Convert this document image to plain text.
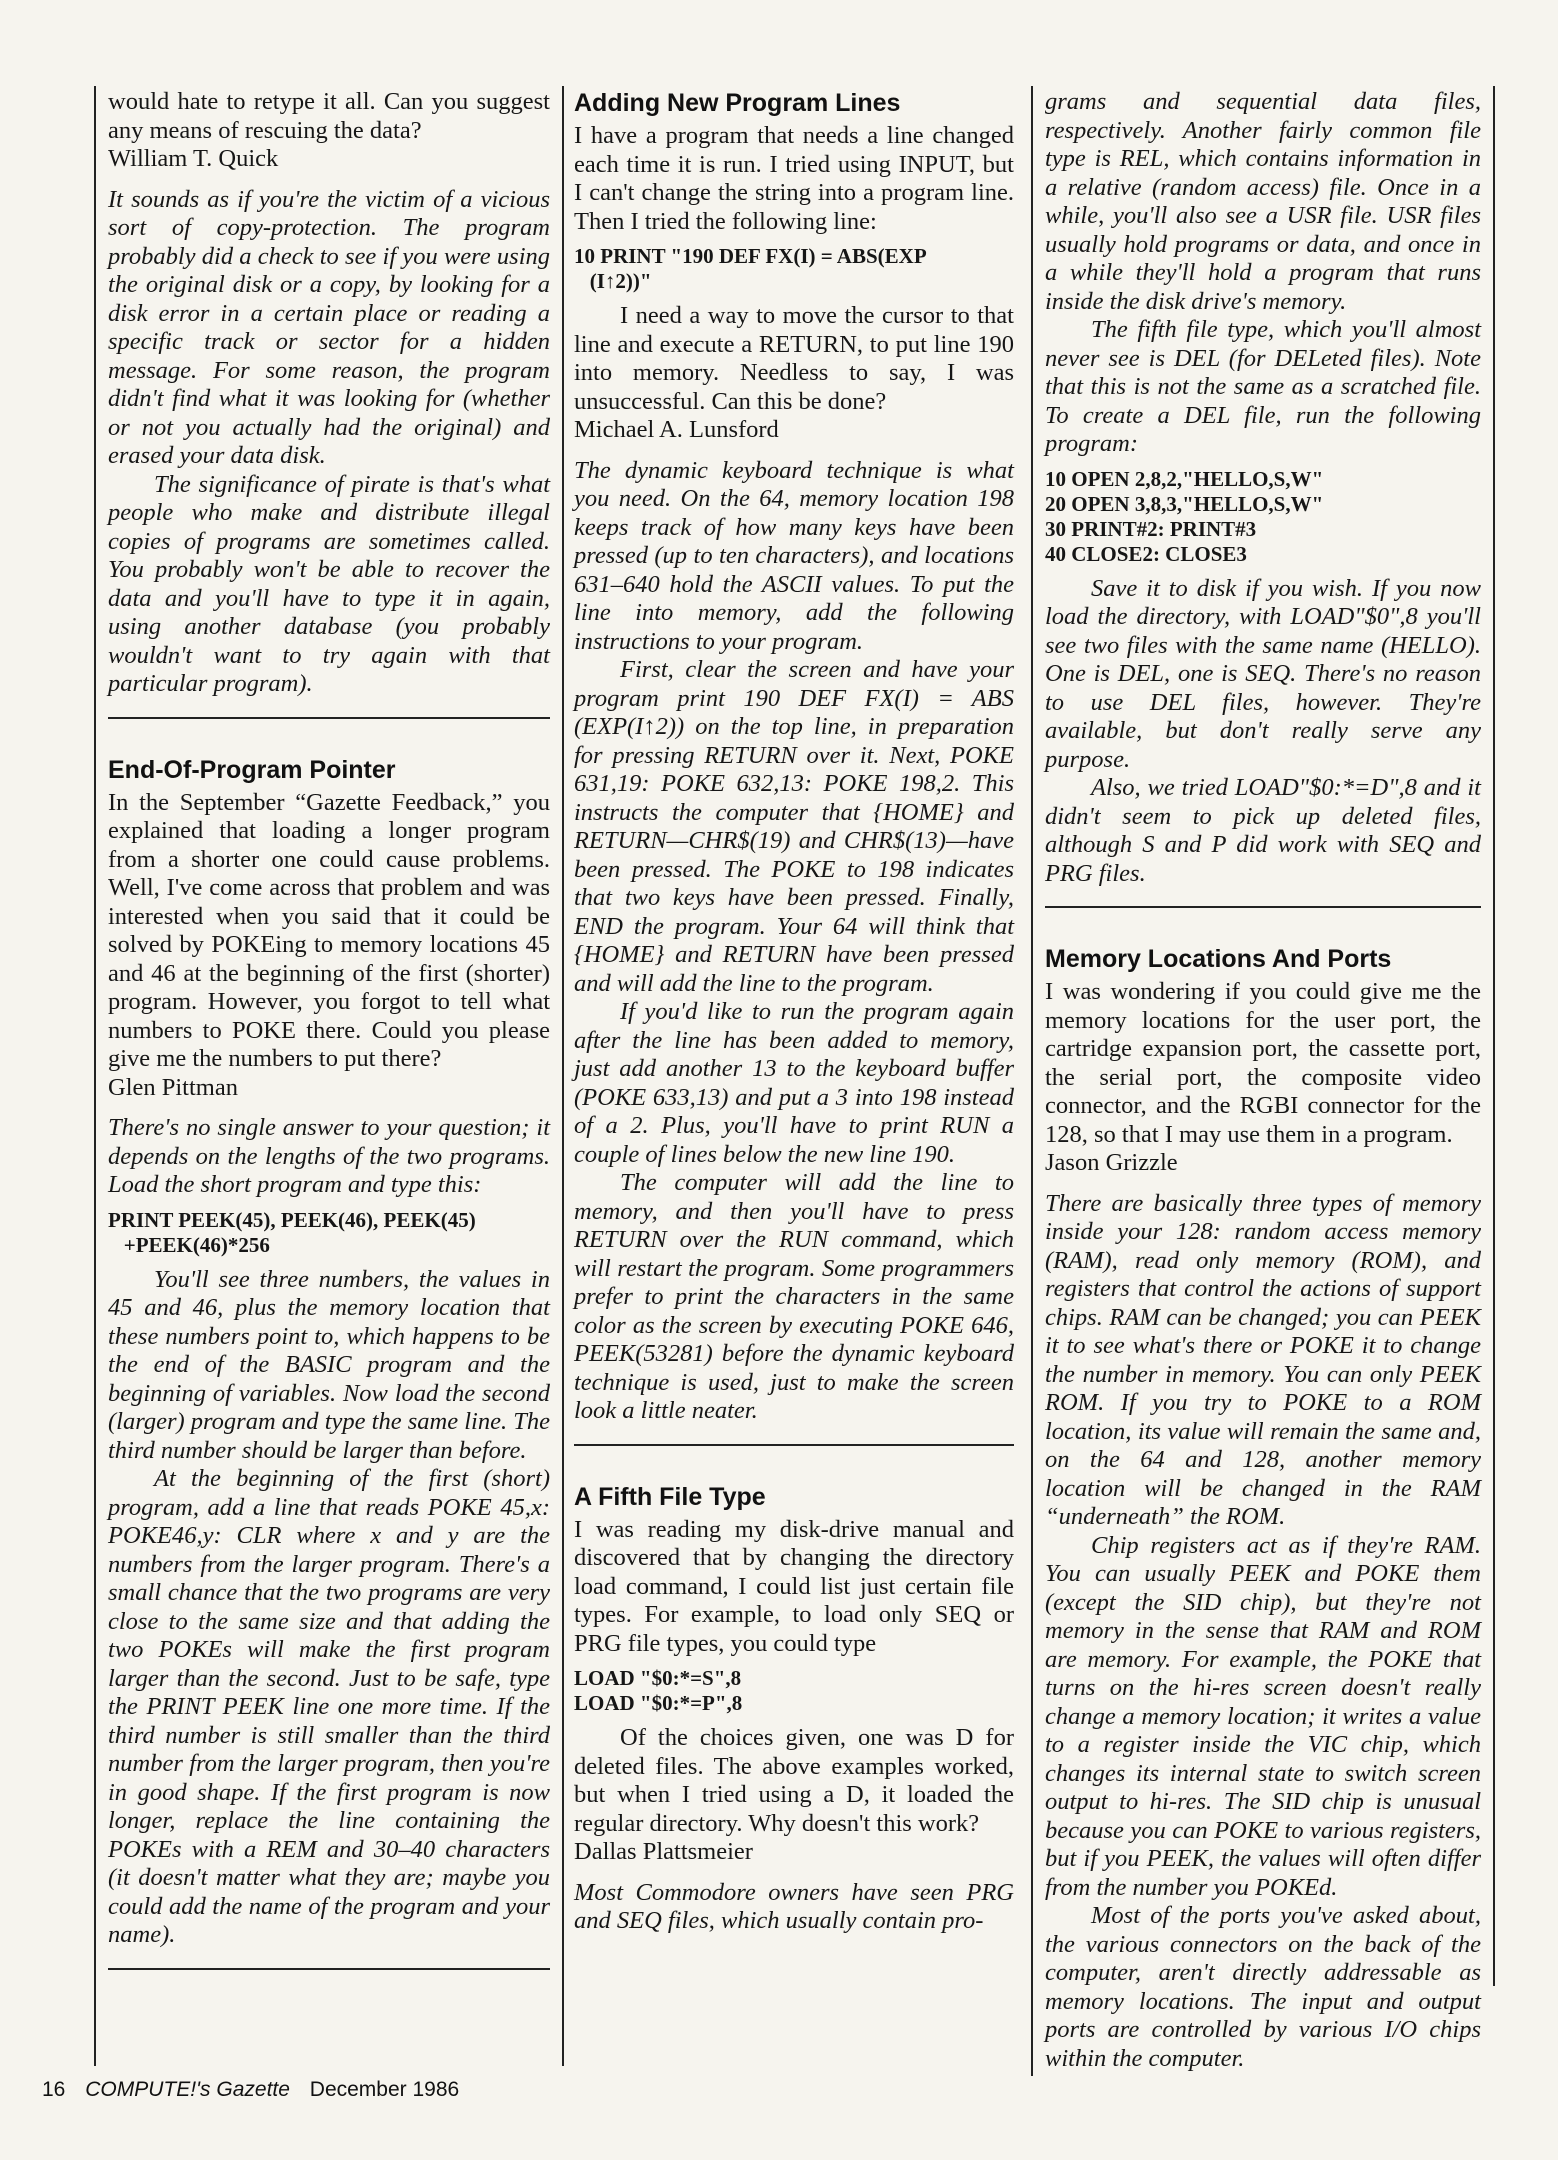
would hate to retype it all. Can you suggest any means of rescuing the data?

William T. Quick

It sounds as if you're the victim of a vicious sort of copy-protection. The program probably did a check to see if you were using the original disk or a copy, by looking for a disk error in a certain place or reading a specific track or sector for a hidden message. For some reason, the program didn't find what it was looking for (whether or not you actually had the original) and erased your data disk.

The significance of pirate is that's what people who make and distribute illegal copies of programs are sometimes called. You probably won't be able to recover the data and you'll have to type it in again, using another database (you probably wouldn't want to try again with that particular program).

End-Of-Program Pointer

In the September “Gazette Feedback,” you explained that loading a longer program from a shorter one could cause problems. Well, I've come across that problem and was interested when you said that it could be solved by POKEing to memory locations 45 and 46 at the beginning of the first (shorter) program. However, you forgot to tell what numbers to POKE there. Could you please give me the numbers to put there?

Glen Pittman

There's no single answer to your question; it depends on the lengths of the two programs. Load the short program and type this:

PRINT PEEK(45), PEEK(46), PEEK(45)
+PEEK(46)*256

You'll see three numbers, the values in 45 and 46, plus the memory location that these numbers point to, which happens to be the end of the BASIC program and the beginning of variables. Now load the second (larger) program and type the same line. The third number should be larger than before.

At the beginning of the first (short) program, add a line that reads POKE 45,x: POKE46,y: CLR where x and y are the numbers from the larger program. There's a small chance that the two programs are very close to the same size and that adding the two POKEs will make the first program larger than the second. Just to be safe, type the PRINT PEEK line one more time. If the third number is still smaller than the third number from the larger program, then you're in good shape. If the first program is now longer, replace the line containing the POKEs with a REM and 30–40 characters (it doesn't matter what they are; maybe you could add the name of the program and your name).

Adding New Program Lines

I have a program that needs a line changed each time it is run. I tried using INPUT, but I can't change the string into a program line. Then I tried the following line:

10 PRINT "190 DEF FX(I) = ABS(EXP
(I↑2))"

I need a way to move the cursor to that line and execute a RETURN, to put line 190 into memory. Needless to say, I was unsuccessful. Can this be done?

Michael A. Lunsford

The dynamic keyboard technique is what you need. On the 64, memory location 198 keeps track of how many keys have been pressed (up to ten characters), and locations 631–640 hold the ASCII values. To put the line into memory, add the following instructions to your program.

First, clear the screen and have your program print 190 DEF FX(I) = ABS (EXP(I↑2)) on the top line, in preparation for pressing RETURN over it. Next, POKE 631,19: POKE 632,13: POKE 198,2. This instructs the computer that {HOME} and RETURN—CHR$(19) and CHR$(13)—have been pressed. The POKE to 198 indicates that two keys have been pressed. Finally, END the program. Your 64 will think that {HOME} and RETURN have been pressed and will add the line to the program.

If you'd like to run the program again after the line has been added to memory, just add another 13 to the keyboard buffer (POKE 633,13) and put a 3 into 198 instead of a 2. Plus, you'll have to print RUN a couple of lines below the new line 190.

The computer will add the line to memory, and then you'll have to press RETURN over the RUN command, which will restart the program. Some programmers prefer to print the characters in the same color as the screen by executing POKE 646, PEEK(53281) before the dynamic keyboard technique is used, just to make the screen look a little neater.

A Fifth File Type

I was reading my disk-drive manual and discovered that by changing the directory load command, I could list just certain file types. For example, to load only SEQ or PRG file types, you could type

LOAD "$0:*=S",8
LOAD "$0:*=P",8

Of the choices given, one was D for deleted files. The above examples worked, but when I tried using a D, it loaded the regular directory. Why doesn't this work?

Dallas Plattsmeier

Most Commodore owners have seen PRG and SEQ files, which usually contain pro-

grams and sequential data files, respectively. Another fairly common file type is REL, which contains information in a relative (random access) file. Once in a while, you'll also see a USR file. USR files usually hold programs or data, and once in a while they'll hold a program that runs inside the disk drive's memory.

The fifth file type, which you'll almost never see is DEL (for DELeted files). Note that this is not the same as a scratched file. To create a DEL file, run the following program:

10 OPEN 2,8,2,"HELLO,S,W"
20 OPEN 3,8,3,"HELLO,S,W"
30 PRINT#2: PRINT#3
40 CLOSE2: CLOSE3

Save it to disk if you wish. If you now load the directory, with LOAD"$0",8 you'll see two files with the same name (HELLO). One is DEL, one is SEQ. There's no reason to use DEL files, however. They're available, but don't really serve any purpose.

Also, we tried LOAD"$0:*=D",8 and it didn't seem to pick up deleted files, although S and P did work with SEQ and PRG files.

Memory Locations And Ports

I was wondering if you could give me the memory locations for the user port, the cartridge expansion port, the cassette port, the serial port, the composite video connector, and the RGBI connector for the 128, so that I may use them in a program.

Jason Grizzle

There are basically three types of memory inside your 128: random access memory (RAM), read only memory (ROM), and registers that control the actions of support chips. RAM can be changed; you can PEEK it to see what's there or POKE it to change the number in memory. You can only PEEK ROM. If you try to POKE to a ROM location, its value will remain the same and, on the 64 and 128, another memory location will be changed in the RAM “underneath” the ROM.

Chip registers act as if they're RAM. You can usually PEEK and POKE them (except the SID chip), but they're not memory in the sense that RAM and ROM are memory. For example, the POKE that turns on the hi-res screen doesn't really change a memory location; it writes a value to a register inside the VIC chip, which changes its internal state to switch screen output to hi-res. The SID chip is unusual because you can POKE to various registers, but if you PEEK, the values will often differ from the number you POKEd.

Most of the ports you've asked about, the various connectors on the back of the computer, aren't directly addressable as memory locations. The input and output ports are controlled by various I/O chips within the computer.

16 COMPUTE!'s Gazette December 1986
